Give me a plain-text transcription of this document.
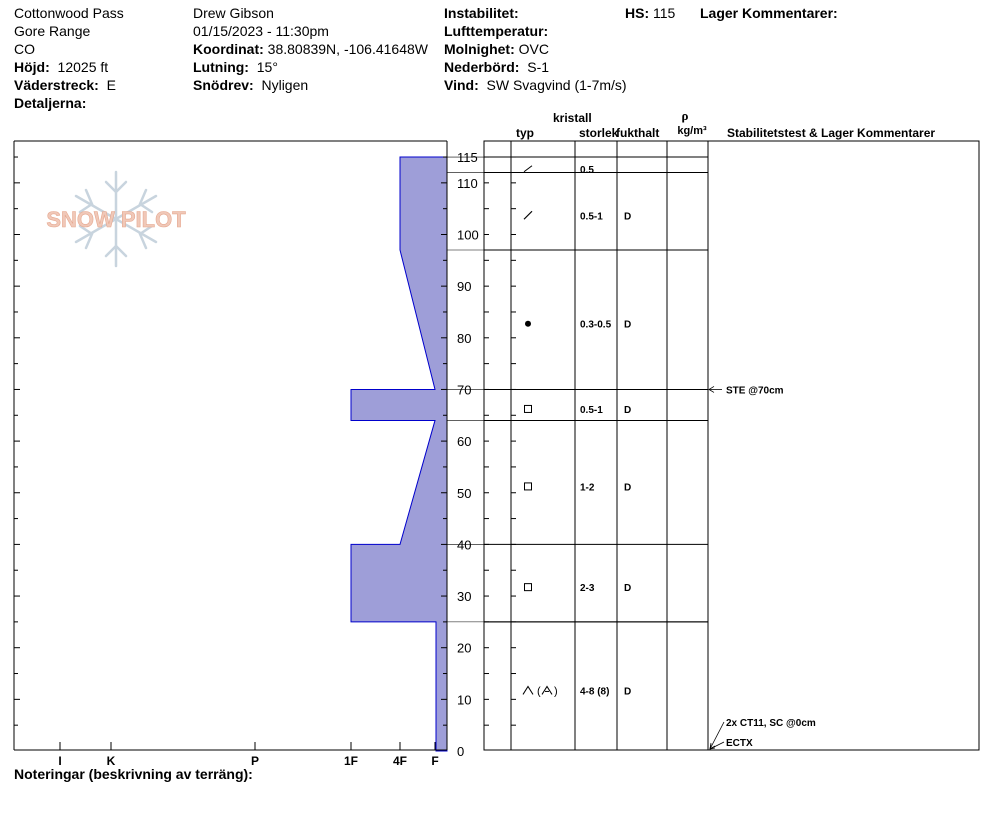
Cottonwood Pass
Gore Range
CO
Höjd: 12025 ft
Väderstreck: E
Detaljerna:
Drew Gibson
01/15/2023 - 11:30pm
Koordinat: 38.80839N, -106.41648W
Lutning: 15°
Snödrev: Nyligen
Instabilitet:
Lufttemperatur:
Molnighet: OVC
Nederbörd: S-1
Vind: SW Svagvind (1-7m/s)
HS: 115 Lager Kommentarer:
SNOW PILOT
kristall
typ	storlek
fukthalt
ρ
kg/m³ Stabilitetstest & Lager Kommentarer
0
10
20
30
40
50
60
70
80
90
100
110
115
I	K	P	1F	4F F
0.5
0.5-1 D
0.3-0.5 D
0.5-1 D
1-2	D
2-3	D
4-8 (8) D
( )
STE @70cm
2x CT11, SC @0cm
ECTX
Noteringar (beskrivning av terräng):
